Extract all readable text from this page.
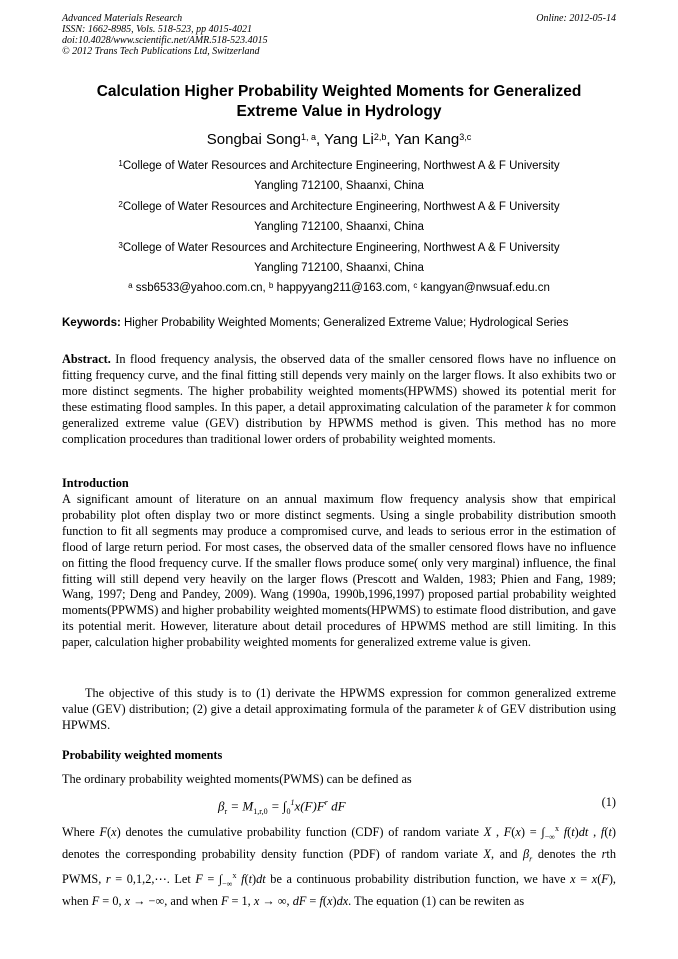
Advanced Materials Research
ISSN: 1662-8985, Vols. 518-523, pp 4015-4021
doi:10.4028/www.scientific.net/AMR.518-523.4015
© 2012 Trans Tech Publications Ltd, Switzerland
Online: 2012-05-14
Calculation Higher Probability Weighted Moments for Generalized
Extreme Value in Hydrology
Songbai Song$^{1, a}$, Yang Li$^{2,b}$, Yan Kang$^{3,c}$
$^1$College of Water Resources and Architecture Engineering, Northwest A & F University
Yangling 712100, Shaanxi, China
$^2$College of Water Resources and Architecture Engineering, Northwest A & F University
Yangling 712100, Shaanxi, China
$^3$College of Water Resources and Architecture Engineering, Northwest A & F University
Yangling 712100, Shaanxi, China
$^a$ ssb6533@yahoo.com.cn, $^b$ happyyang211@163.com, $^c$ kangyan@nwsuaf.edu.cn
Keywords: Higher Probability Weighted Moments; Generalized Extreme Value; Hydrological Series
Abstract. In flood frequency analysis, the observed data of the smaller censored flows have no influence on fitting frequency curve, and the final fitting still depends very mainly on the larger flows. It also exhibits two or more distinct segments. The higher probability weighted moments(HPWMS) showed its potential merit for these estimating flood samples. In this paper, a detail approximating calculation of the parameter k for common generalized extreme value (GEV) distribution by HPWMS method is given. This method has no more complication procedures than traditional lower orders of probability weighted moments.
Introduction
A significant amount of literature on an annual maximum flow frequency analysis show that empirical probability plot often display two or more distinct segments. Using a single probability distribution smooth function to fit all segments may produce a compromised curve, and leads to serious error in the estimation of flood of large return period. For most cases, the observed data of the smaller censored flows have no influence on fitting the flood frequency curve. If the smaller flows produce some( only very marginal) influence, the final fitting will still depend very heavily on the larger flows (Prescott and Walden, 1983; Phien and Fang, 1989; Wang, 1997; Deng and Pandey, 2009). Wang (1990a, 1990b,1996,1997) proposed partial probability weighted moments(PPWMS) and higher probability weighted moments(HPWMS) to estimate flood distribution, and gave its potential merit. However, literature about detail procedures of HPWMS method are still limiting. In this paper, calculation higher probability weighted moments for generalized extreme value is given.
The objective of this study is to (1) derivate the HPWMS expression for common generalized extreme value (GEV) distribution; (2) give a detail approximating formula of the parameter k of GEV distribution using HPWMS.
Probability weighted moments
The ordinary probability weighted moments(PWMS) can be defined as
$\beta_r = M_{1,r,0} = \int_0^1x(F)F^r$ dF	(1)
Where F(x) denotes the cumulative probability function (CDF) of random variate X , $F(x) = \int_{-\infty}^x$ f(t)dt , f(t) denotes the corresponding probability density function (PDF) of random variate X, and $\beta_r$ denotes the rth PWMS, r = 0,1,2,⋯. Let $F = \int_{-\infty}^x$ f(t)dt be a continuous probability distribution function, we have x = x(F), when F = 0, x → −∞, and when F = 1, x → ∞, dF = f(x)dx. The equation (1) can be rewiten as
